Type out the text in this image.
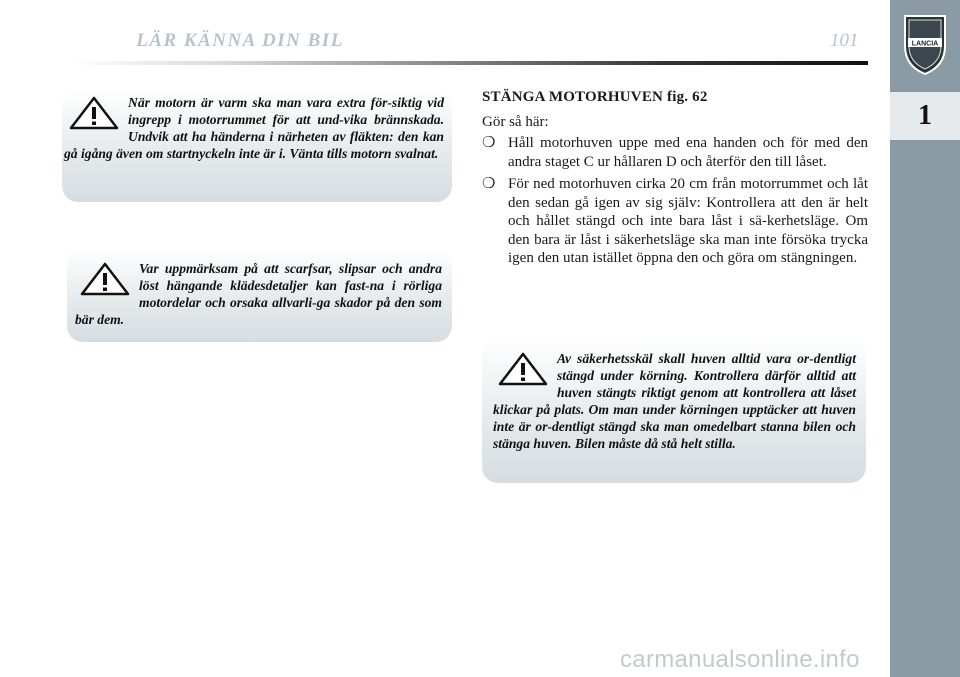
LÄR KÄNNA DIN BIL	101	LANCIA
1

När motorn är varm ska man vara extra för-siktig vid ingrepp i motorrummet för att und-vika brännskada. Undvik att ha händerna i närheten av fläkten: den kan gå igång även om startnyckeln inte är i. Vänta tills motorn svalnat.

Var uppmärksam på att scarfsar, slipsar och andra löst hängande klädesdetaljer kan fast-na i rörliga motordelar och orsaka allvarli-ga skador på den som bär dem.

STÄNGA MOTORHUVEN fig. 62

Gör så här:

❍ Håll motorhuven uppe med ena handen och för med den andra staget C ur hållaren D och återför den till låset.
❍ För ned motorhuven cirka 20 cm från motorrummet och låt den sedan gå igen av sig själv: Kontrollera att den är helt och hållet stängd och inte bara låst i sä-kerhetsläge. Om den bara är låst i säkerhetsläge ska man inte försöka trycka igen den utan istället öppna den och göra om stängningen.

Av säkerhetsskäl skall huven alltid vara or-dentligt stängd under körning. Kontrollera därför alltid att huven stängts riktigt genom att kontrollera att låset klickar på plats. Om man under körningen upptäcker att huven inte är or-dentligt stängd ska man omedelbart stanna bilen och stänga huven. Bilen måste då stå helt stilla.

carmanualsonline.info
